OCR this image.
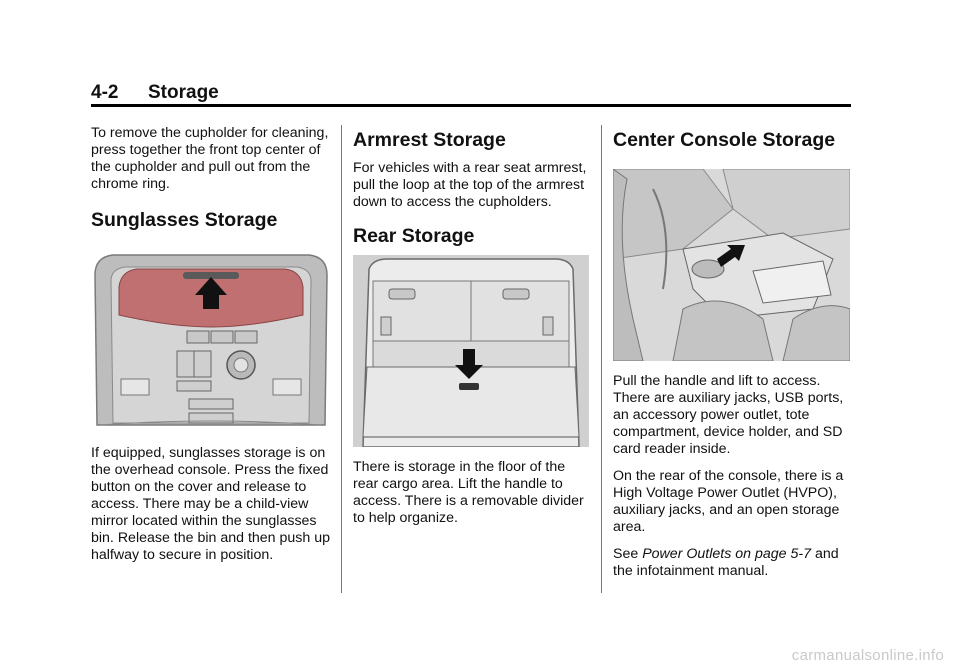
4-2 Storage

To remove the cupholder for cleaning, press together the front top center of the cupholder and pull out from the chrome ring.

Sunglasses Storage

If equipped, sunglasses storage is on the overhead console. Press the fixed button on the cover and release to access. There may be a child-view mirror located within the sunglasses bin. Release the bin and then push up halfway to secure in position.

Armrest Storage

For vehicles with a rear seat armrest, pull the loop at the top of the armrest down to access the cupholders.

Rear Storage

There is storage in the floor of the rear cargo area. Lift the handle to access. There is a removable divider to help organize.

Center Console Storage

Pull the handle and lift to access. There are auxiliary jacks, USB ports, an accessory power outlet, tote compartment, device holder, and SD card reader inside.

On the rear of the console, there is a High Voltage Power Outlet (HVPO), auxiliary jacks, and an open storage area.

See Power Outlets on page 5-7 and the infotainment manual.

carmanualsonline.info
